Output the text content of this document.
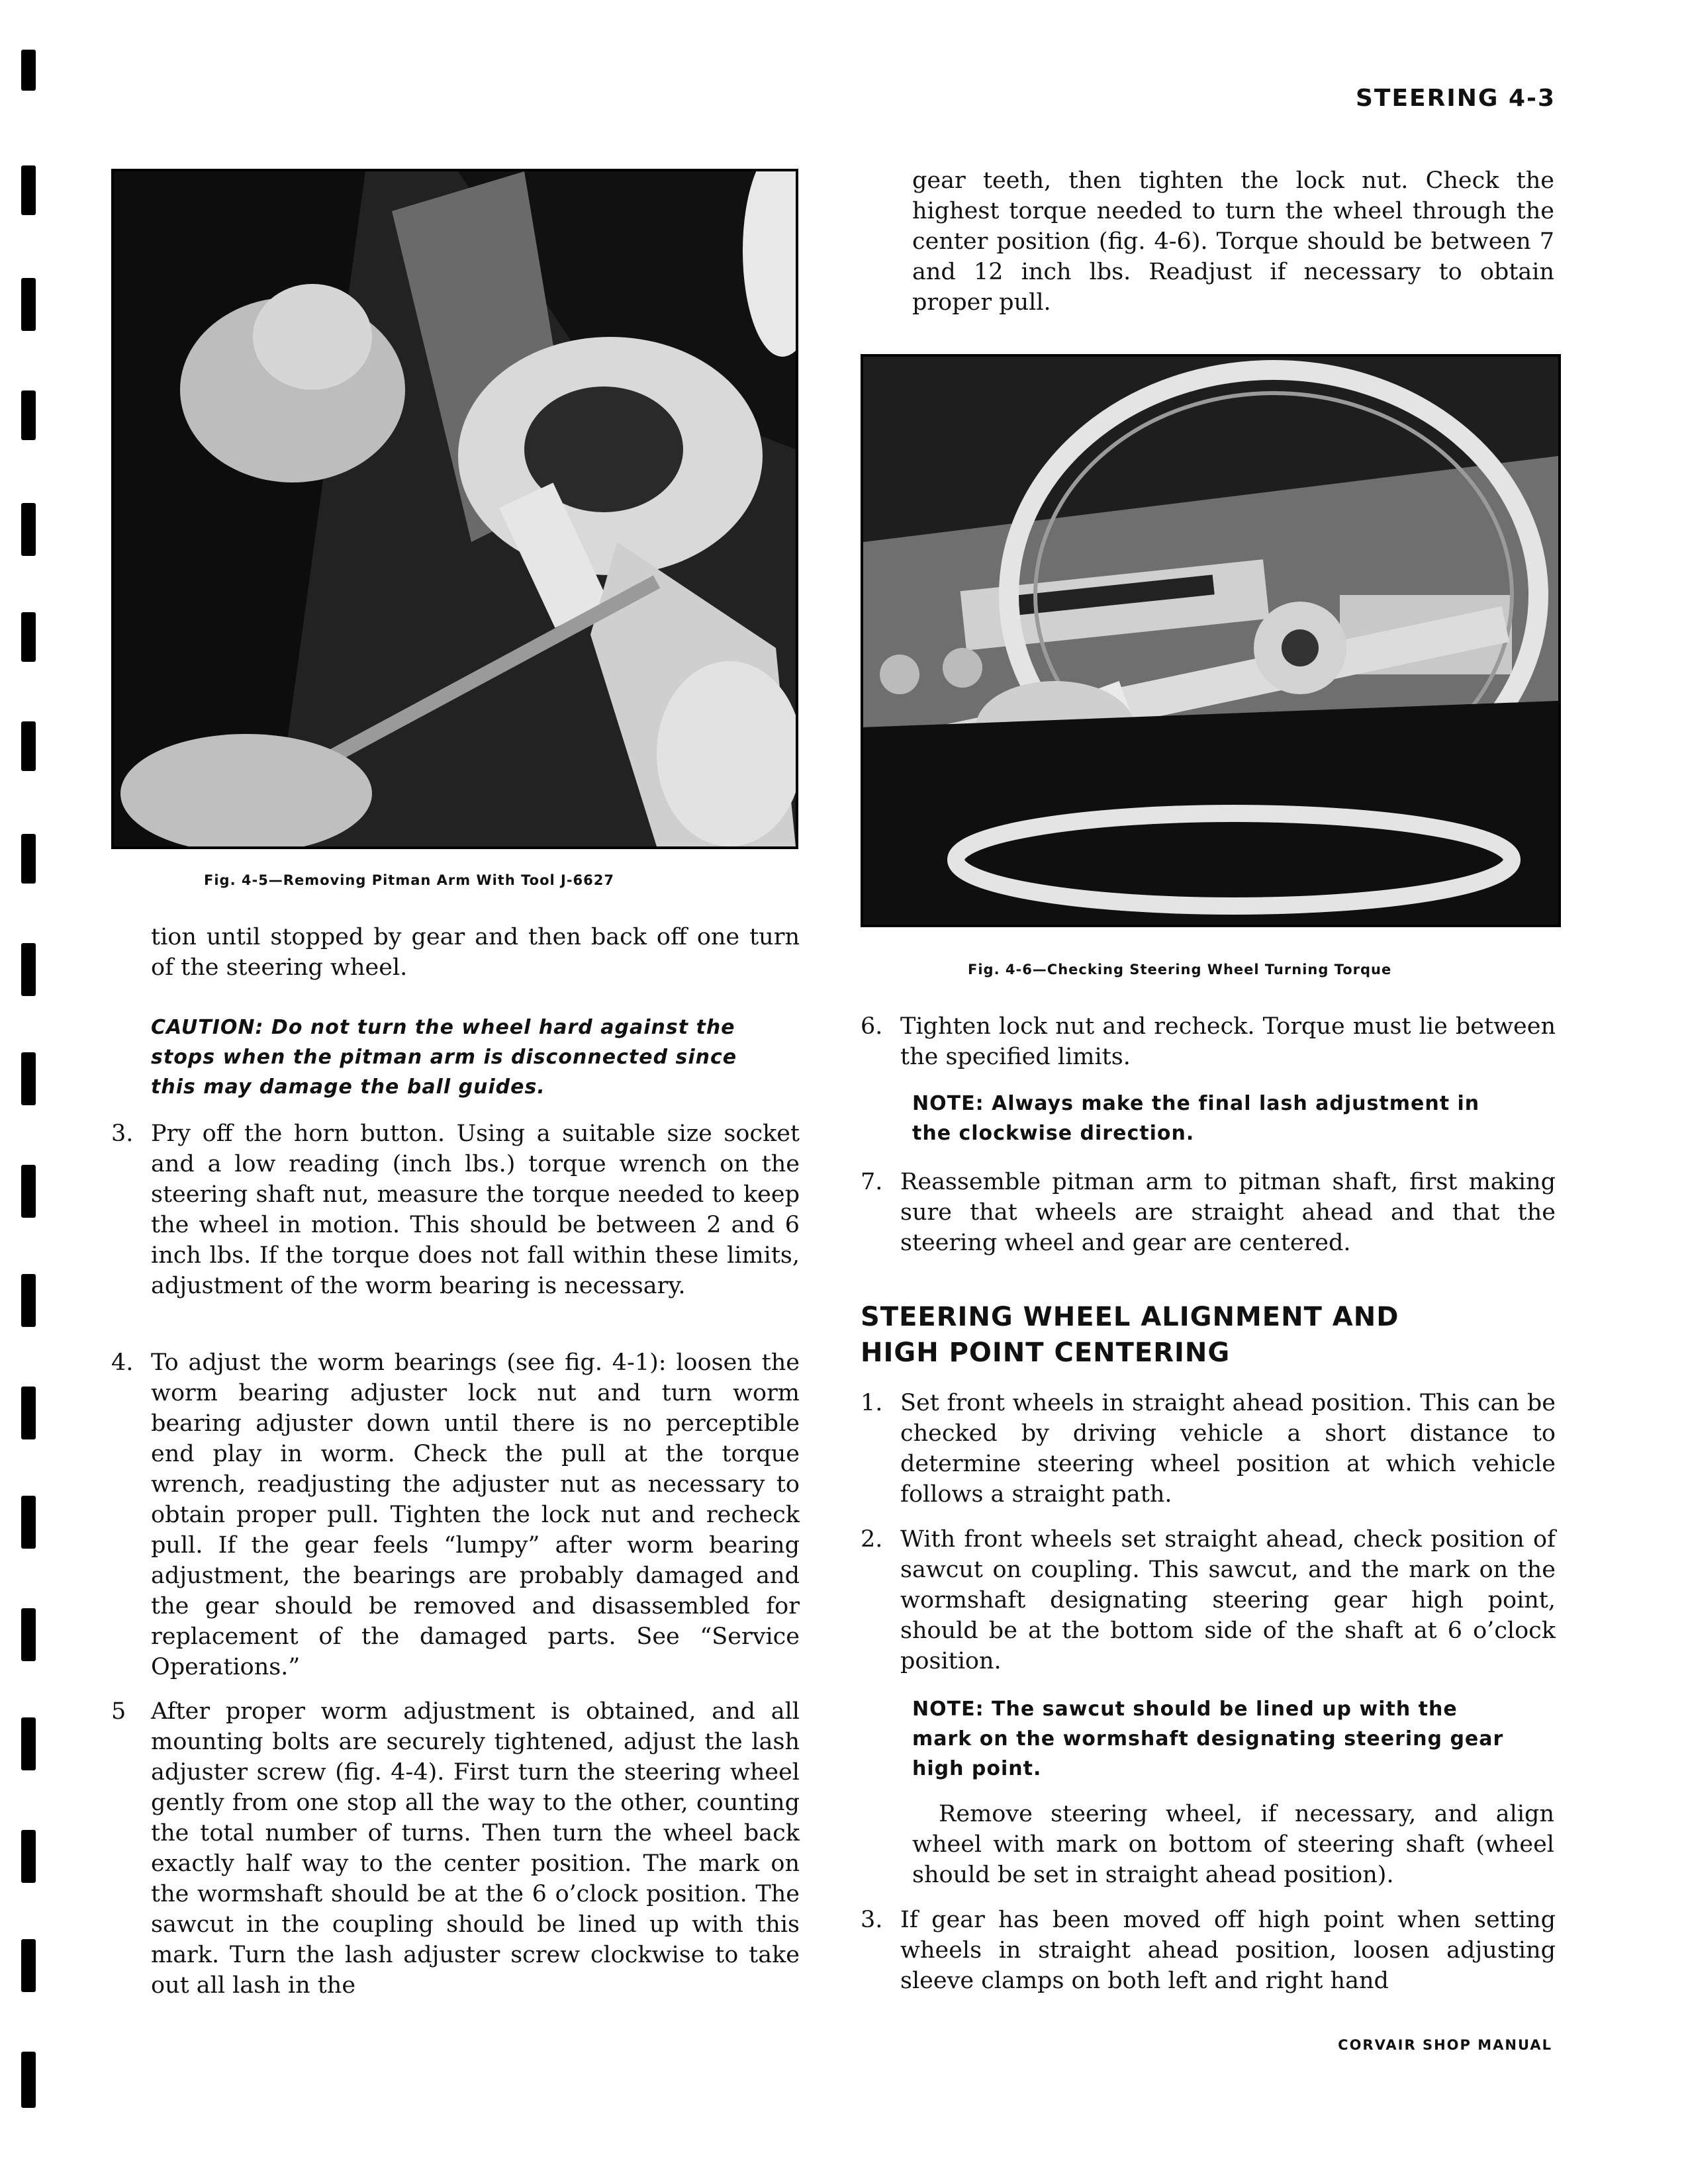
STEERING 4-3
Fig. 4-5—Removing Pitman Arm With Tool J-6627

tion until stopped by gear and then back off one turn of the steering wheel.

CAUTION: Do not turn the wheel hard against the stops when the pitman arm is disconnected since this may damage the ball guides.

3. Pry off the horn button. Using a suitable size socket and a low reading (inch lbs.) torque wrench on the steering shaft nut, measure the torque needed to keep the wheel in motion. This should be between 2 and 6 inch lbs. If the torque does not fall within these limits, adjustment of the worm bearing is necessary.

4. To adjust the worm bearings (see fig. 4-1): loosen the worm bearing adjuster lock nut and turn worm bearing adjuster down until there is no perceptible end play in worm. Check the pull at the torque wrench, readjusting the adjuster nut as necessary to obtain proper pull. Tighten the lock nut and recheck pull. If the gear feels “lumpy” after worm bearing adjustment, the bearings are probably damaged and the gear should be removed and disassembled for replacement of the damaged parts. See “Service Operations.”

5	After proper worm adjustment is obtained, and all mounting bolts are securely tightened, adjust the lash adjuster screw (fig. 4-4). First turn the steering wheel gently from one stop all the way to the other, counting the total number of turns. Then turn the wheel back exactly half way to the center position. The mark on the wormshaft should be at the 6 o’clock position. The sawcut in the coupling should be lined up with this mark. Turn the lash adjuster screw clockwise to take out all lash in the

gear teeth, then tighten the lock nut. Check the highest torque needed to turn the wheel through the center position (fig. 4-6). Torque should be between 7 and 12 inch lbs. Readjust if necessary to obtain proper pull.

Fig. 4-6—Checking Steering Wheel Turning Torque
6. Tighten lock nut and recheck. Torque must lie between the specified limits.

NOTE: Always make the final lash adjustment in the clockwise direction.

7. Reassemble pitman arm to pitman shaft, first making sure that wheels are straight ahead and that the steering wheel and gear are centered.

STEERING WHEEL ALIGNMENT AND
HIGH POINT CENTERING
1. Set front wheels in straight ahead position. This can be checked by driving vehicle a short distance to determine steering wheel position at which vehicle follows a straight path.

2. With front wheels set straight ahead, check position of sawcut on coupling. This sawcut, and the mark on the wormshaft designating steering gear high point, should be at the bottom side of the shaft at 6 o’clock position.

NOTE: The sawcut should be lined up with the mark on the wormshaft designating steering gear high point.

Remove steering wheel, if necessary, and align wheel with mark on bottom of steering shaft (wheel should be set in straight ahead position).

3. If gear has been moved off high point when setting wheels in straight ahead position, loosen adjusting sleeve clamps on both left and right hand

CORVAIR SHOP MANUAL
